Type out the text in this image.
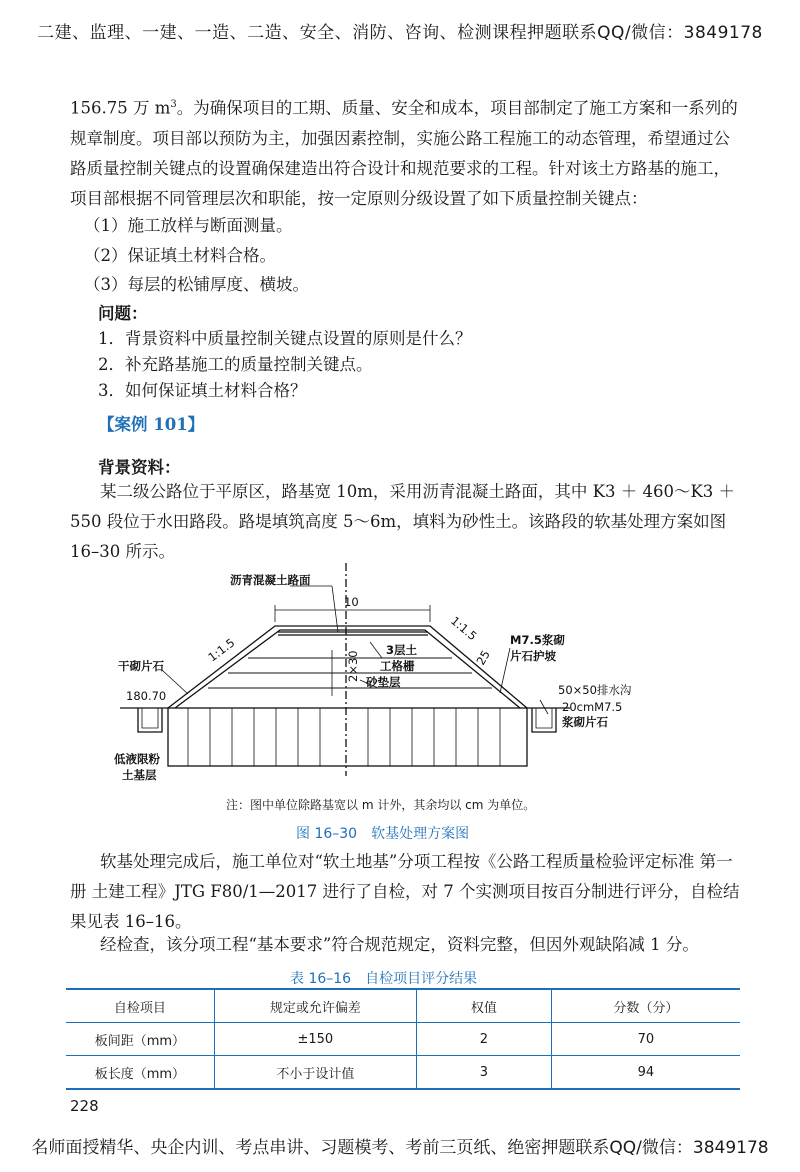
二建、监理、一建、一造、二造、安全、消防、咨询、检测课程押题联系QQ/微信：3849178
156.75 万 $m^3$。为确保项目的工期、质量、安全和成本，项目部制定了施工方案和一系列的规章制度。项目部以预防为主，加强因素控制，实施公路工程施工的动态管理，希望通过公路质量控制关键点的设置确保建造出符合设计和规范要求的工程。针对该土方路基的施工，项目部根据不同管理层次和职能，按一定原则分级设置了如下质量控制关键点：
（1）施工放样与断面测量。
（2）保证填土材料合格。
（3）每层的松铺厚度、横坡。
问题：
1．背景资料中质量控制关键点设置的原则是什么？
2．补充路基施工的质量控制关键点。
3．如何保证填土材料合格？
【案例 101】
背景资料：
某二级公路位于平原区，路基宽 10m，采用沥青混凝土路面，其中 K3 ＋ 460～K3 ＋ 550 段位于水田路段。路堤填筑高度 5～6m，填料为砂性土。该路段的软基处理方案如图 16–30 所示。
沥青混凝土路面
10
1:1.5
1:1.5
3层土
工格栅
2×30 砂垫层
25
M7.5浆砌
片石护坡
干砌片石
180.70	50×50排水沟
20cmM7.5
浆砌片石
低液限粉
土基层
注：图中单位除路基宽以 m 计外，其余均以 cm 为单位。
图 16–30　软基处理方案图
软基处理完成后，施工单位对“软土地基”分项工程按《公路工程质量检验评定标准 第一册 土建工程》JTG F80/1—2017 进行了自检，对 7 个实测项目按百分制进行评分，自检结果见表 16–16。
经检查，该分项工程“基本要求”符合规范规定，资料完整，但因外观缺陷减 1 分。
表 16–16　自检项目评分结果
自检项目	规定或允许偏差	权值	分数（分）
板间距（mm）	±150	2	70
板长度（mm）	不小于设计值	3	94
228
名师面授精华、央企内训、考点串讲、习题模考、考前三页纸、绝密押题联系QQ/微信：3849178
